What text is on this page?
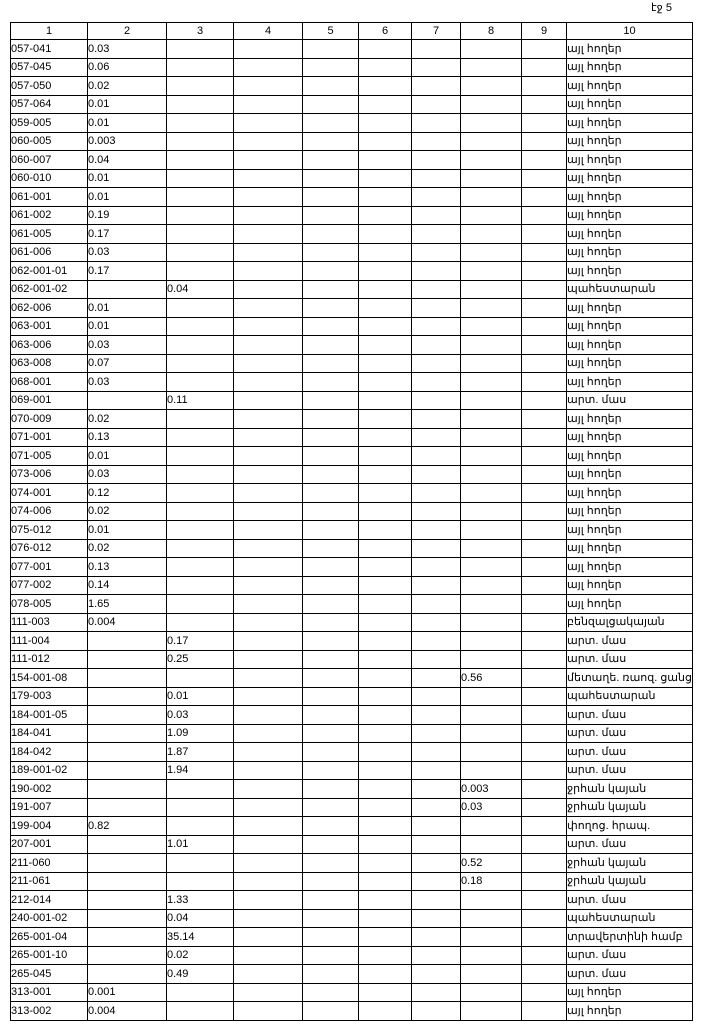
էջ 5
1	2	3	4	5	6	7	8	9	10
057-041	0.03								այլ հողեր
057-045	0.06								այլ հողեր
057-050	0.02								այլ հողեր
057-064	0.01								այլ հողեր
059-005	0.01								այլ հողեր
060-005	0.003								այլ հողեր
060-007	0.04								այլ հողեր
060-010	0.01								այլ հողեր
061-001	0.01								այլ հողեր
061-002	0.19								այլ հողեր
061-005	0.17								այլ հողեր
061-006	0.03								այլ հողեր
062-001-01	0.17								այլ հողեր
062-001-02		0.04							պահեստարան
062-006	0.01								այլ հողեր
063-001	0.01								այլ հողեր
063-006	0.03								այլ հողեր
063-008	0.07								այլ հողեր
068-001	0.03								այլ հողեր
069-001		0.11							արտ. մաս
070-009	0.02								այլ հողեր
071-001	0.13								այլ հողեր
071-005	0.01								այլ հողեր
073-006	0.03								այլ հողեր
074-001	0.12								այլ հողեր
074-006	0.02								այլ հողեր
075-012	0.01								այլ հողեր
076-012	0.02								այլ հողեր
077-001	0.13								այլ հողեր
077-002	0.14								այլ հողեր
078-005	1.65								այլ հողեր
111-003	0.004								բենզալցակայան
111-004		0.17							արտ. մաս
111-012		0.25							արտ. մաս
154-001-08							0.56		մետաղե. ռաոզ. ցանց
179-003		0.01							պահեստարան
184-001-05		0.03							արտ. մաս
184-041		1.09							արտ. մաս
184-042		1.87							արտ. մաս
189-001-02		1.94							արտ. մաս
190-002							0.003		ջրհան կայան
191-007							0.03		ջրհան կայան
199-004	0.82								փողոց. հրապ.
207-001		1.01							արտ. մաս
211-060							0.52		ջրհան կայան
211-061							0.18		ջրհան կայան
212-014		1.33							արտ. մաս
240-001-02		0.04							պահեստարան
265-001-04		35.14							տրավերտինի համբ
265-001-10		0.02							արտ. մաս
265-045		0.49							արտ. մաս
313-001	0.001								այլ հողեր
313-002	0.004								այլ հողեր
